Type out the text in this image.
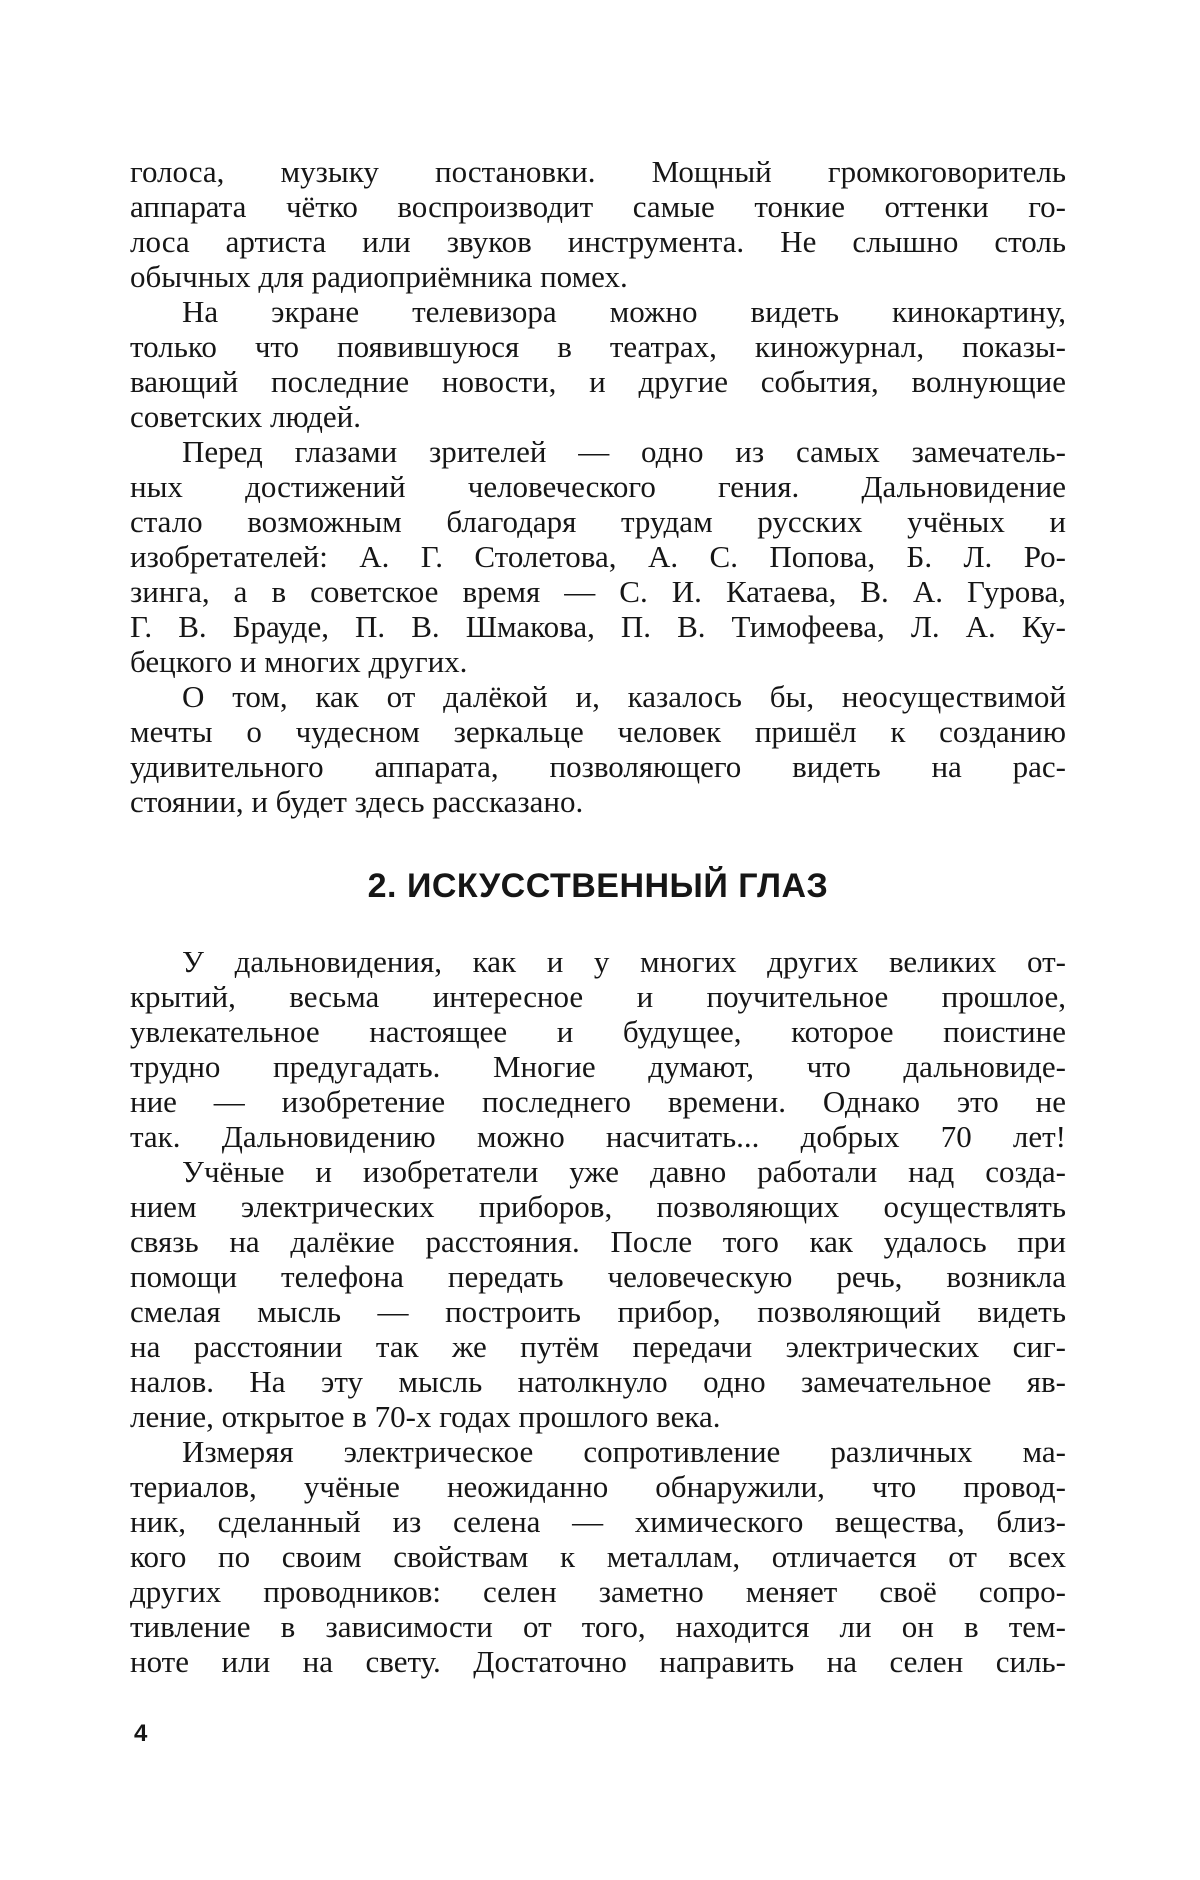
голоса, музыку постановки. Мощный громкоговоритель
аппарата чётко воспроизводит самые тонкие оттенки го-
лоса артиста или звуков инструмента. Не слышно столь
обычных для радиоприёмника помех.
На экране телевизора можно видеть кинокартину,
только что появившуюся в театрах, киножурнал, показы-
вающий последние новости, и другие события, волнующие
советских людей.
Перед глазами зрителей — одно из самых замечатель-
ных достижений человеческого гения. Дальновидение
стало возможным благодаря трудам русских учёных и
изобретателей: А. Г. Столетова, А. С. Попова, Б. Л. Ро-
зинга, а в советское время — С. И. Катаева, В. А. Гурова,
Г. В. Брауде, П. В. Шмакова, П. В. Тимофеева, Л. А. Ку-
бецкого и многих других.
О том, как от далёкой и, казалось бы, неосуществимой
мечты о чудесном зеркальце человек пришёл к созданию
удивительного аппарата, позволяющего видеть на рас-
стоянии, и будет здесь рассказано.
2. ИСКУССТВЕННЫЙ ГЛАЗ
У дальновидения, как и у многих других великих от-
крытий, весьма интересное и поучительное прошлое,
увлекательное настоящее и будущее, которое поистине
трудно предугадать. Многие думают, что дальновиде-
ние — изобретение последнего времени. Однако это не
так. Дальновидению можно насчитать... добрых 70 лет!
Учёные и изобретатели уже давно работали над созда-
нием электрических приборов, позволяющих осуществлять
связь на далёкие расстояния. После того как удалось при
помощи телефона передать человеческую речь, возникла
смелая мысль — построить прибор, позволяющий видеть
на расстоянии так же путём передачи электрических сиг-
налов. На эту мысль натолкнуло одно замечательное яв-
ление, открытое в 70-х годах прошлого века.
Измеряя электрическое сопротивление различных ма-
териалов, учёные неожиданно обнаружили, что провод-
ник, сделанный из селена — химического вещества, близ-
кого по своим свойствам к металлам, отличается от всех
других проводников: селен заметно меняет своё сопро-
тивление в зависимости от того, находится ли он в тем-
ноте или на свету. Достаточно направить на селен силь-
4
